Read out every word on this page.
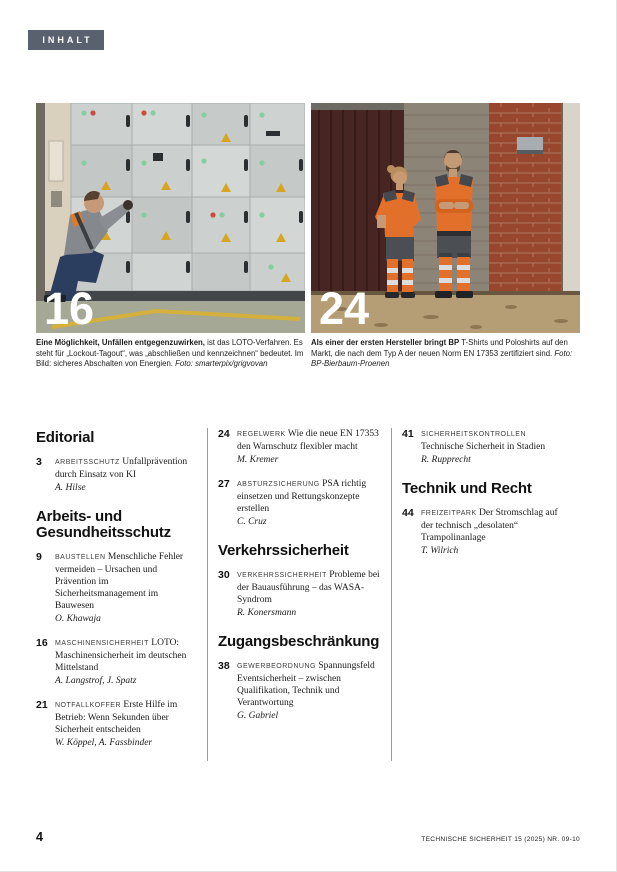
INHALT
16	24

Eine Möglichkeit, Unfällen entgegenzuwirken, ist das LOTO-Verfahren. Es steht für „Lockout-Tagout“, was „abschließen und kennzeichnen“ bedeutet. Im Bild: sicheres Abschalten von Energien. Foto: smarterpix/grigvovan

Als einer der ersten Hersteller bringt BP T-Shirts und Poloshirts auf den Markt, die nach dem Typ A der neuen Norm EN 17353 zertifiziert sind. Foto: BP-Bierbaum-Proenen

Editorial
3	ARBEITSSCHUTZ Unfallprävention durch Einsatz von KI
A. Hilse
Arbeits- und Gesundheitsschutz
9	BAUSTELLEN Menschliche Fehler vermeiden – Ursachen und Prävention im Sicherheitsmanagement im Bauwesen
O. Khawaja
16	MASCHINENSICHERHEIT LOTO: Maschinensicherheit im deutschen Mittelstand
A. Langstrof, J. Spatz
21	NOTFALLKOFFER Erste Hilfe im Betrieb: Wenn Sekunden über Sicherheit entscheiden
W. Köppel, A. Fassbinder
24	REGELWERK Wie die neue EN 17353 den Warnschutz flexibler macht
M. Kremer
27	ABSTURZSICHERUNG PSA richtig einsetzen und Rettungskonzepte erstellen
C. Cruz
Verkehrssicherheit
30	VERKEHRSSICHERHEIT Probleme bei der Bauausführung – das WASA-Syndrom
R. Konersmann
Zugangsbeschränkung
38	GEWERBEORDNUNG Spannungsfeld Eventsicherheit – zwischen Qualifikation, Technik und Verantwortung
G. Gabriel
41	SICHERHEITSKONTROLLEN Technische Sicherheit in Stadien
R. Rupprecht
Technik und Recht
44	FREIZEITPARK Der Stromschlag auf der technisch „desolaten“ Trampolinanlage
T. Wilrich
4	TECHNISCHE SICHERHEIT 15 (2025) NR. 09-10
